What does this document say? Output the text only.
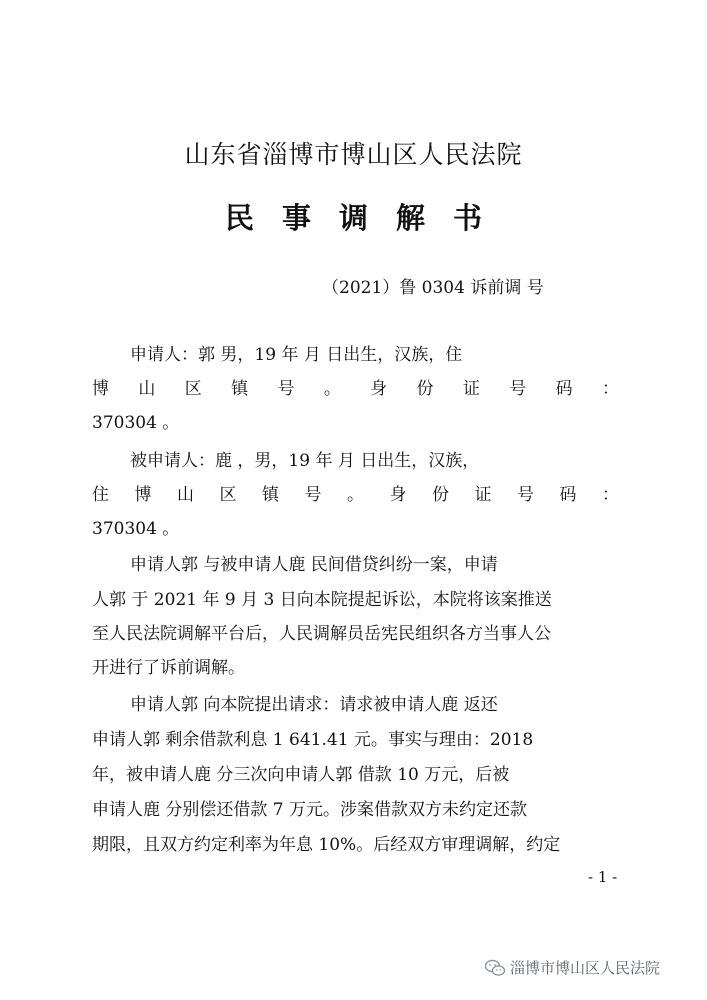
山东省淄博市博山区人民法院
民事调解书
（2021）鲁 0304 诉前调 号
申请人：郭 男，19 年 月 日出生，汉族，住
博 山 区 镇 号 。 身 份 证 号 码 ：
370304 。
被申请人：鹿 ，男，19 年 月 日出生，汉族，
住 博 山 区 镇 号 。 身 份 证 号 码 ：
370304 。
申请人郭 与被申请人鹿 民间借贷纠纷一案，申请
人郭 于 2021 年 9 月 3 日向本院提起诉讼，本院将该案推送
至人民法院调解平台后，人民调解员岳宪民组织各方当事人公
开进行了诉前调解。
申请人郭 向本院提出请求：请求被申请人鹿 返还
申请人郭 剩余借款利息 1 641.41 元。事实与理由：2018
年，被申请人鹿 分三次向申请人郭 借款 10 万元，后被
申请人鹿 分别偿还借款 7 万元。涉案借款双方未约定还款
期限，且双方约定利率为年息 10%。后经双方审理调解，约定
- 1 -
淄博市博山区人民法院
